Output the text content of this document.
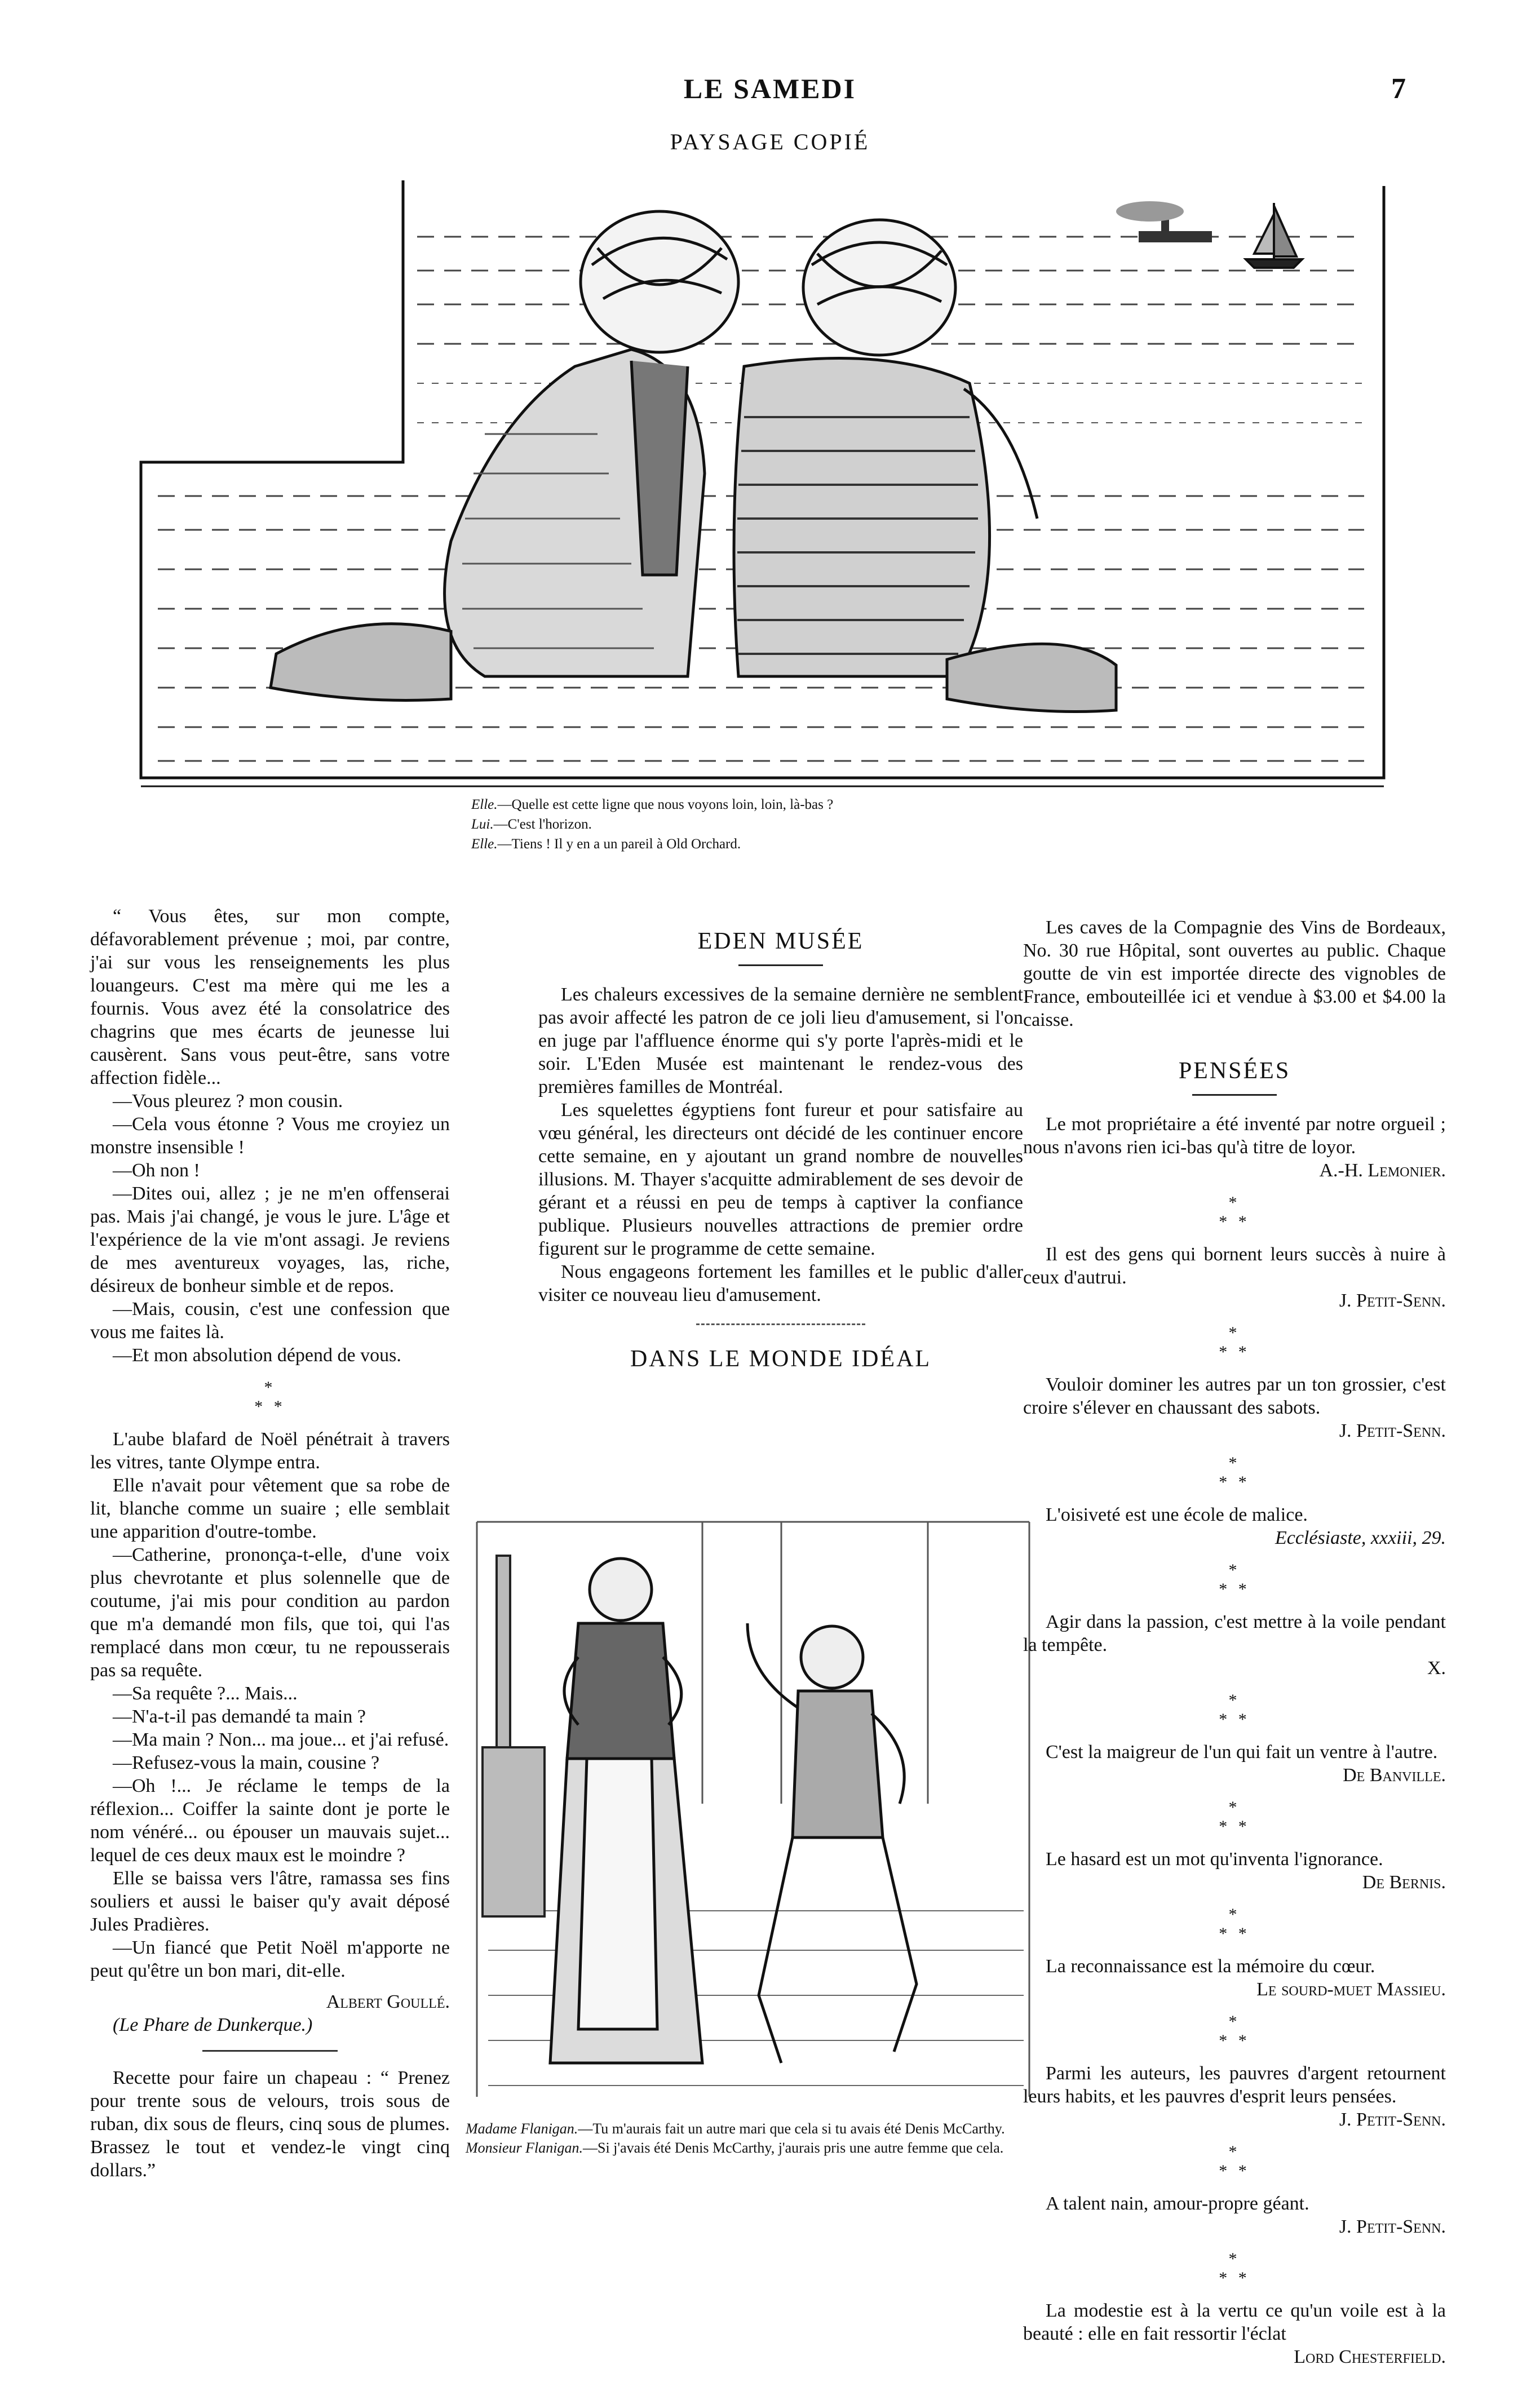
LE SAMEDI	7
PAYSAGE COPIÉ
Elle.—Quelle est cette ligne que nous voyons loin, loin, là-bas ?
Lui.—C'est l'horizon.
Elle.—Tiens ! Il y en a un pareil à Old Orchard.

“ Vous êtes, sur mon compte, défavorablement prévenue ; moi, par contre, j'ai sur vous les renseignements les plus louangeurs. C'est ma mère qui me les a fournis. Vous avez été la consolatrice des chagrins que mes écarts de jeunesse lui causèrent. Sans vous peut-être, sans votre affection fidèle...

—Vous pleurez ? mon cousin.

—Cela vous étonne ? Vous me croyiez un monstre insensible !

—Oh non !

—Dites oui, allez ; je ne m'en offenserai pas. Mais j'ai changé, je vous le jure. L'âge et l'expérience de la vie m'ont assagi. Je reviens de mes aventureux voyages, las, riche, désireux de bonheur simble et de repos.

—Mais, cousin, c'est une confession que vous me faites là.

—Et mon absolution dépend de vous.

*
* *

L'aube blafard de Noël pénétrait à travers les vitres, tante Olympe entra.

Elle n'avait pour vêtement que sa robe de lit, blanche comme un suaire ; elle semblait une apparition d'outre-tombe.

—Catherine, prononça-t-elle, d'une voix plus chevrotante et plus solennelle que de coutume, j'ai mis pour condition au pardon que m'a demandé mon fils, que toi, qui l'as remplacé dans mon cœur, tu ne repousserais pas sa requête.

—Sa requête ?... Mais...

—N'a-t-il pas demandé ta main ?

—Ma main ? Non... ma joue... et j'ai refusé.

—Refusez-vous la main, cousine ?

—Oh !... Je réclame le temps de la réflexion... Coiffer la sainte dont je porte le nom vénéré... ou épouser un mauvais sujet... lequel de ces deux maux est le moindre ?

Elle se baissa vers l'âtre, ramassa ses fins souliers et aussi le baiser qu'y avait déposé Jules Pradières.

—Un fiancé que Petit Noël m'apporte ne peut qu'être un bon mari, dit-elle.

Albert Goullé.

(Le Phare de Dunkerque.)

Recette pour faire un chapeau : “ Prenez pour trente sous de velours, trois sous de ruban, dix sous de fleurs, cinq sous de plumes. Brassez le tout et vendez-le vingt cinq dollars.”

EDEN MUSÉE

Les chaleurs excessives de la semaine dernière ne semblent pas avoir affecté les patron de ce joli lieu d'amusement, si l'on en juge par l'affluence énorme qui s'y porte l'après-midi et le soir. L'Eden Musée est maintenant le rendez-vous des premières familles de Montréal.

Les squelettes égyptiens font fureur et pour satisfaire au vœu général, les directeurs ont décidé de les continuer encore cette semaine, en y ajoutant un grand nombre de nouvelles illusions. M. Thayer s'acquitte admirablement de ses devoir de gérant et a réussi en peu de temps à captiver la confiance publique. Plusieurs nouvelles attractions de premier ordre figurent sur le programme de cette semaine.

Nous engageons fortement les familles et le public d'aller visiter ce nouveau lieu d'amusement.

DANS LE MONDE IDÉAL

Madame Flanigan.—Tu m'aurais fait un autre mari que cela si tu avais été Denis McCarthy.
Monsieur Flanigan.—Si j'avais été Denis McCarthy, j'aurais pris une autre femme que cela.

Les caves de la Compagnie des Vins de Bordeaux, No. 30 rue Hôpital, sont ouvertes au public. Chaque goutte de vin est importée directe des vignobles de France, embouteillée ici et vendue à $3.00 et $4.00 la caisse.

PENSÉES

Le mot propriétaire a été inventé par notre orgueil ; nous n'avons rien ici-bas qu'à titre de loyor.

A.-H. Lemonier.

*
* *

Il est des gens qui bornent leurs succès à nuire à ceux d'autrui.

J. Petit-Senn.

*
* *

Vouloir dominer les autres par un ton grossier, c'est croire s'élever en chaussant des sabots.

J. Petit-Senn.

*
* *

L'oisiveté est une école de malice.

Ecclésiaste, xxxiii, 29.

*
* *

Agir dans la passion, c'est mettre à la voile pendant la tempête.

X.

*
* *

C'est la maigreur de l'un qui fait un ventre à l'autre.

De Banville.

*
* *

Le hasard est un mot qu'inventa l'ignorance.

De Bernis.

*
* *

La reconnaissance est la mémoire du cœur.

Le sourd-muet Massieu.

*
* *

Parmi les auteurs, les pauvres d'argent retournent leurs habits, et les pauvres d'esprit leurs pensées.

J. Petit-Senn.

*
* *

A talent nain, amour-propre géant.

J. Petit-Senn.

*
* *

La modestie est à la vertu ce qu'un voile est à la beauté : elle en fait ressortir l'éclat

Lord Chesterfield.
